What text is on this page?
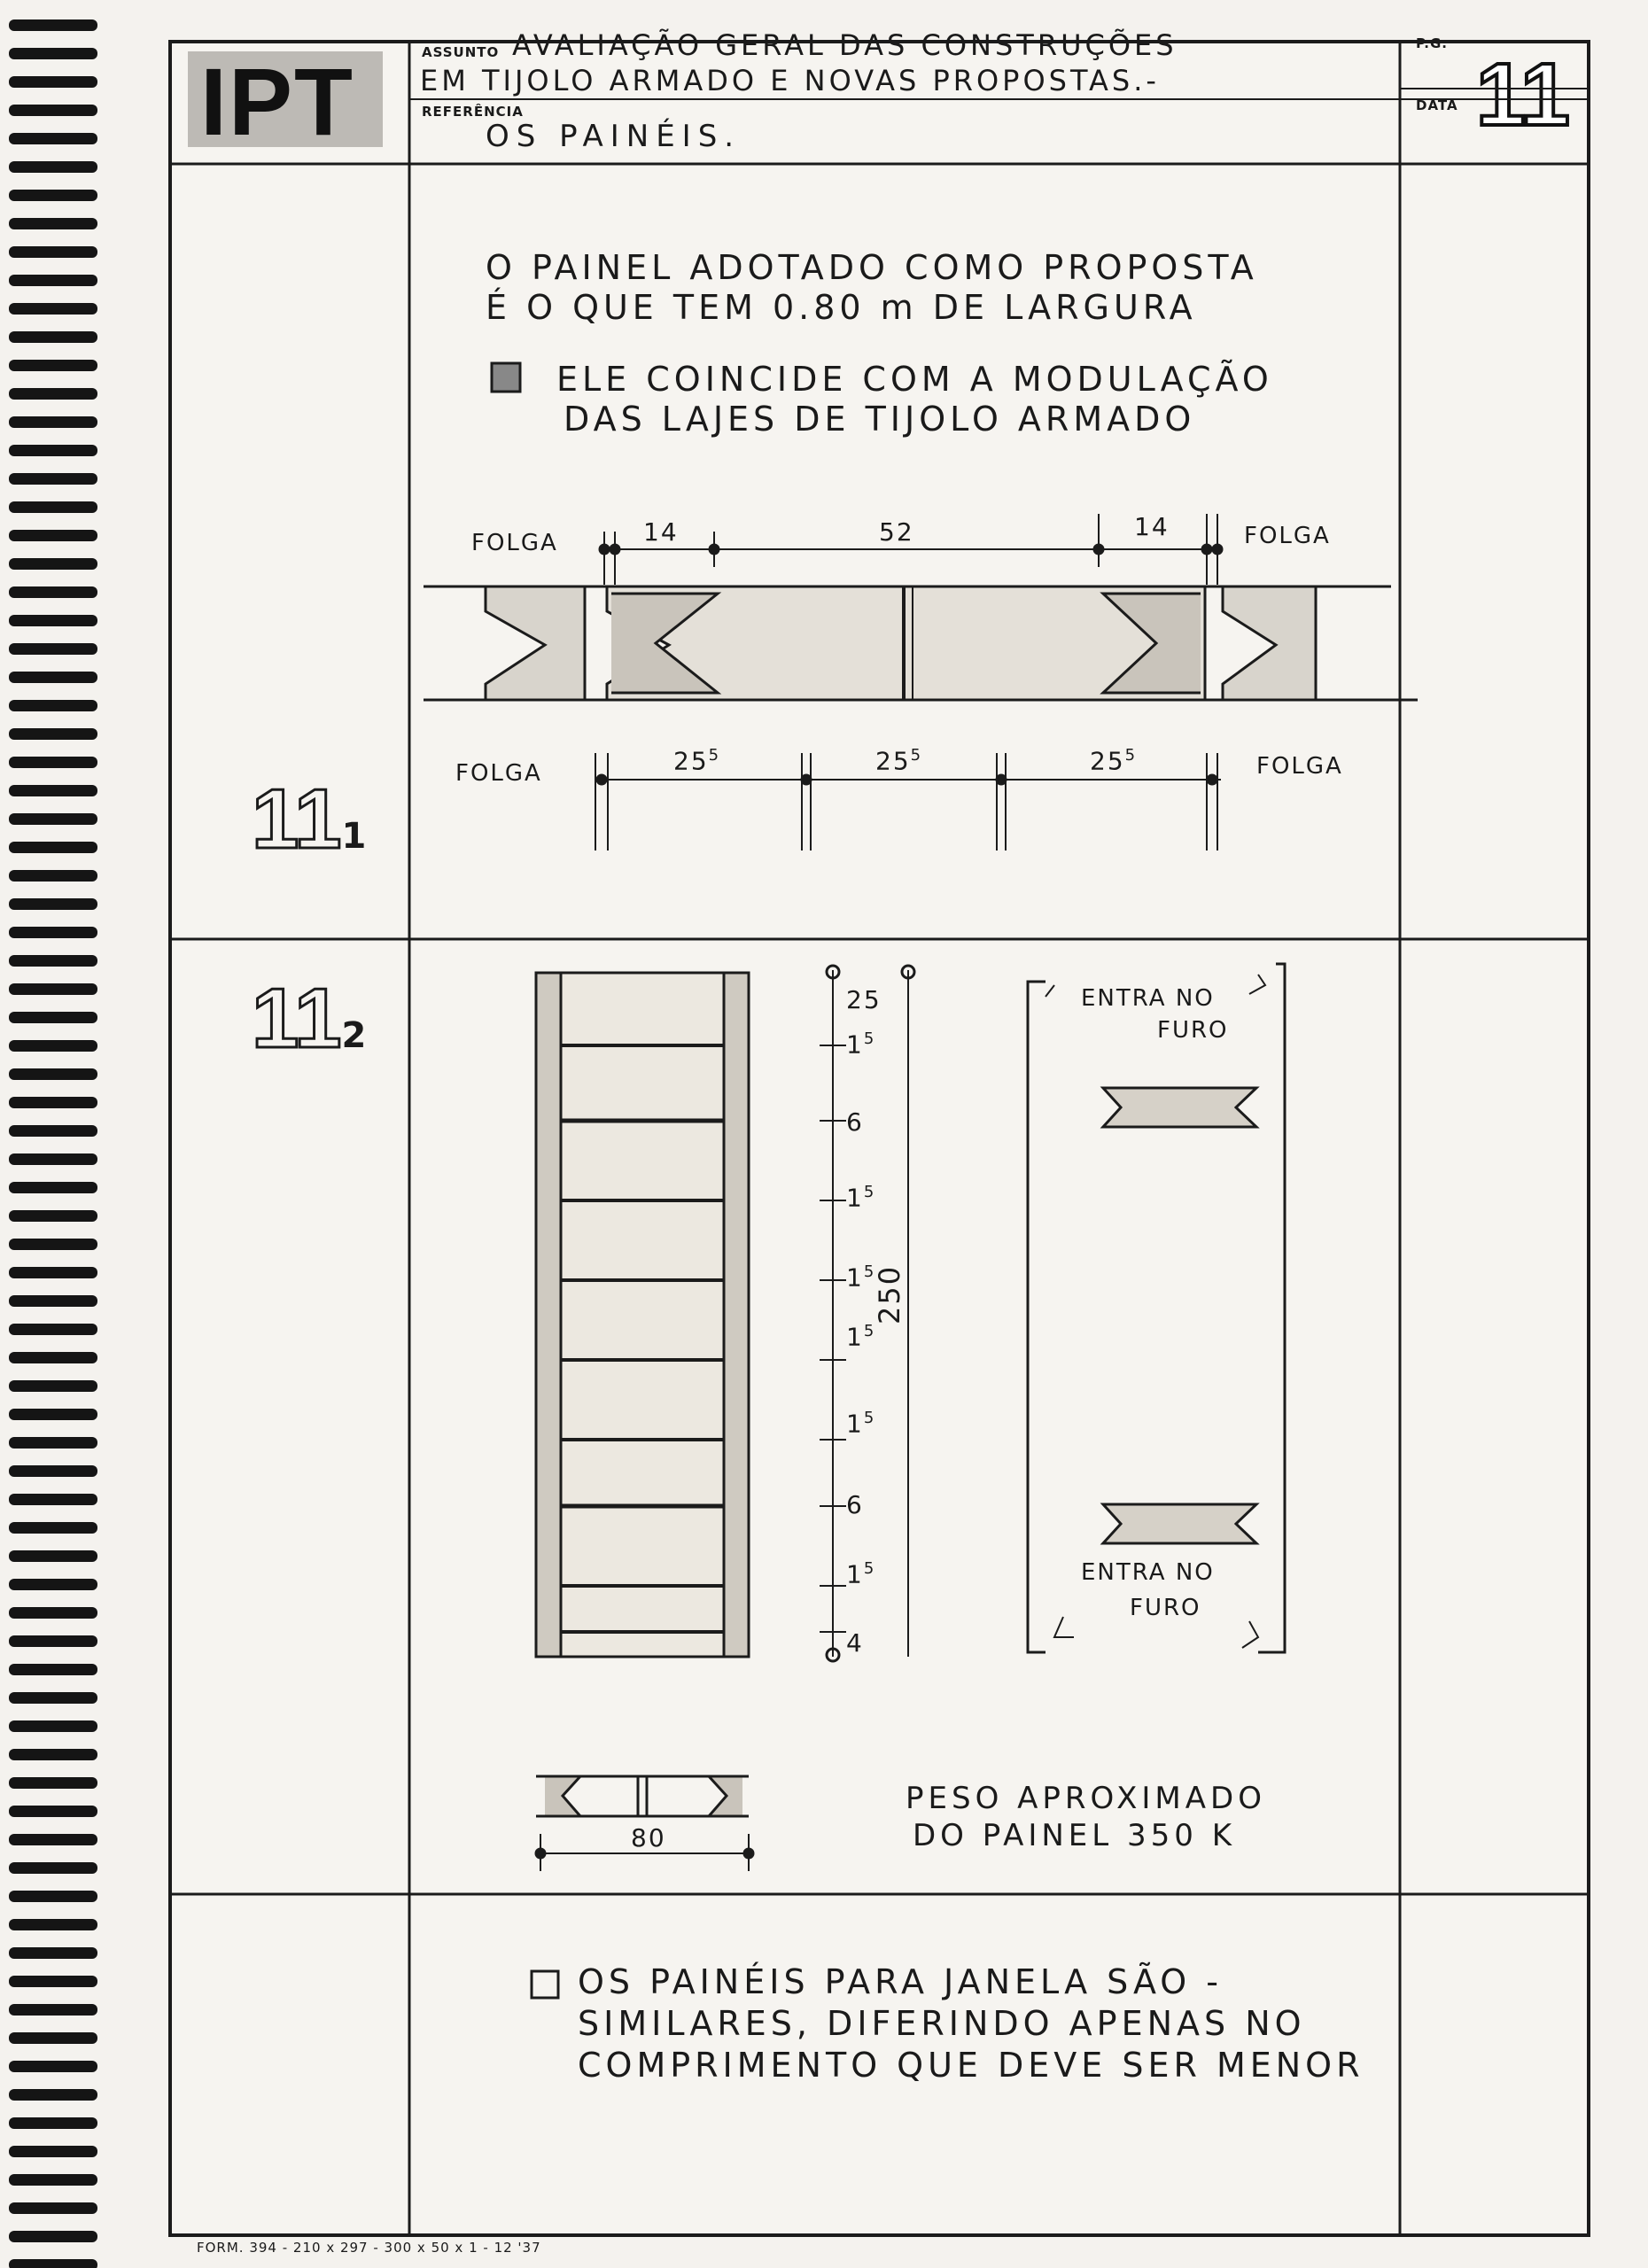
IPT	ASSUNTO AVALIAÇÃO GERAL DAS CONSTRUÇÕES
EM TIJOLO ARMADO E NOVAS PROPOSTAS.-
REFERÊNCIA
OS PAINÉIS.
P.G.
DATA 11
O PAINEL ADOTADO COMO PROPOSTA
É O QUE TEM 0.80 m DE LARGURA
ELE COINCIDE COM A MODULAÇÃO
DAS LAJES DE TIJOLO ARMADO
FOLGA	14	52	14	FOLGA
FOLGA	$25^5$	$25^5$	$25^5$	FOLGA
111
112
25
$1^5$
6
$1^5$
$1^5$
$1^5$
$1^5$
6
$1^5$
4
250
ENTRA NO
FURO
ENTRA NO
FURO
80
PESO APROXIMADO
DO PAINEL 350 K
OS PAINÉIS PARA JANELA SÃO -
SIMILARES, DIFERINDO APENAS NO
COMPRIMENTO QUE DEVE SER MENOR
FORM. 394 - 210 x 297 - 300 x 50 x 1 - 12 '37
